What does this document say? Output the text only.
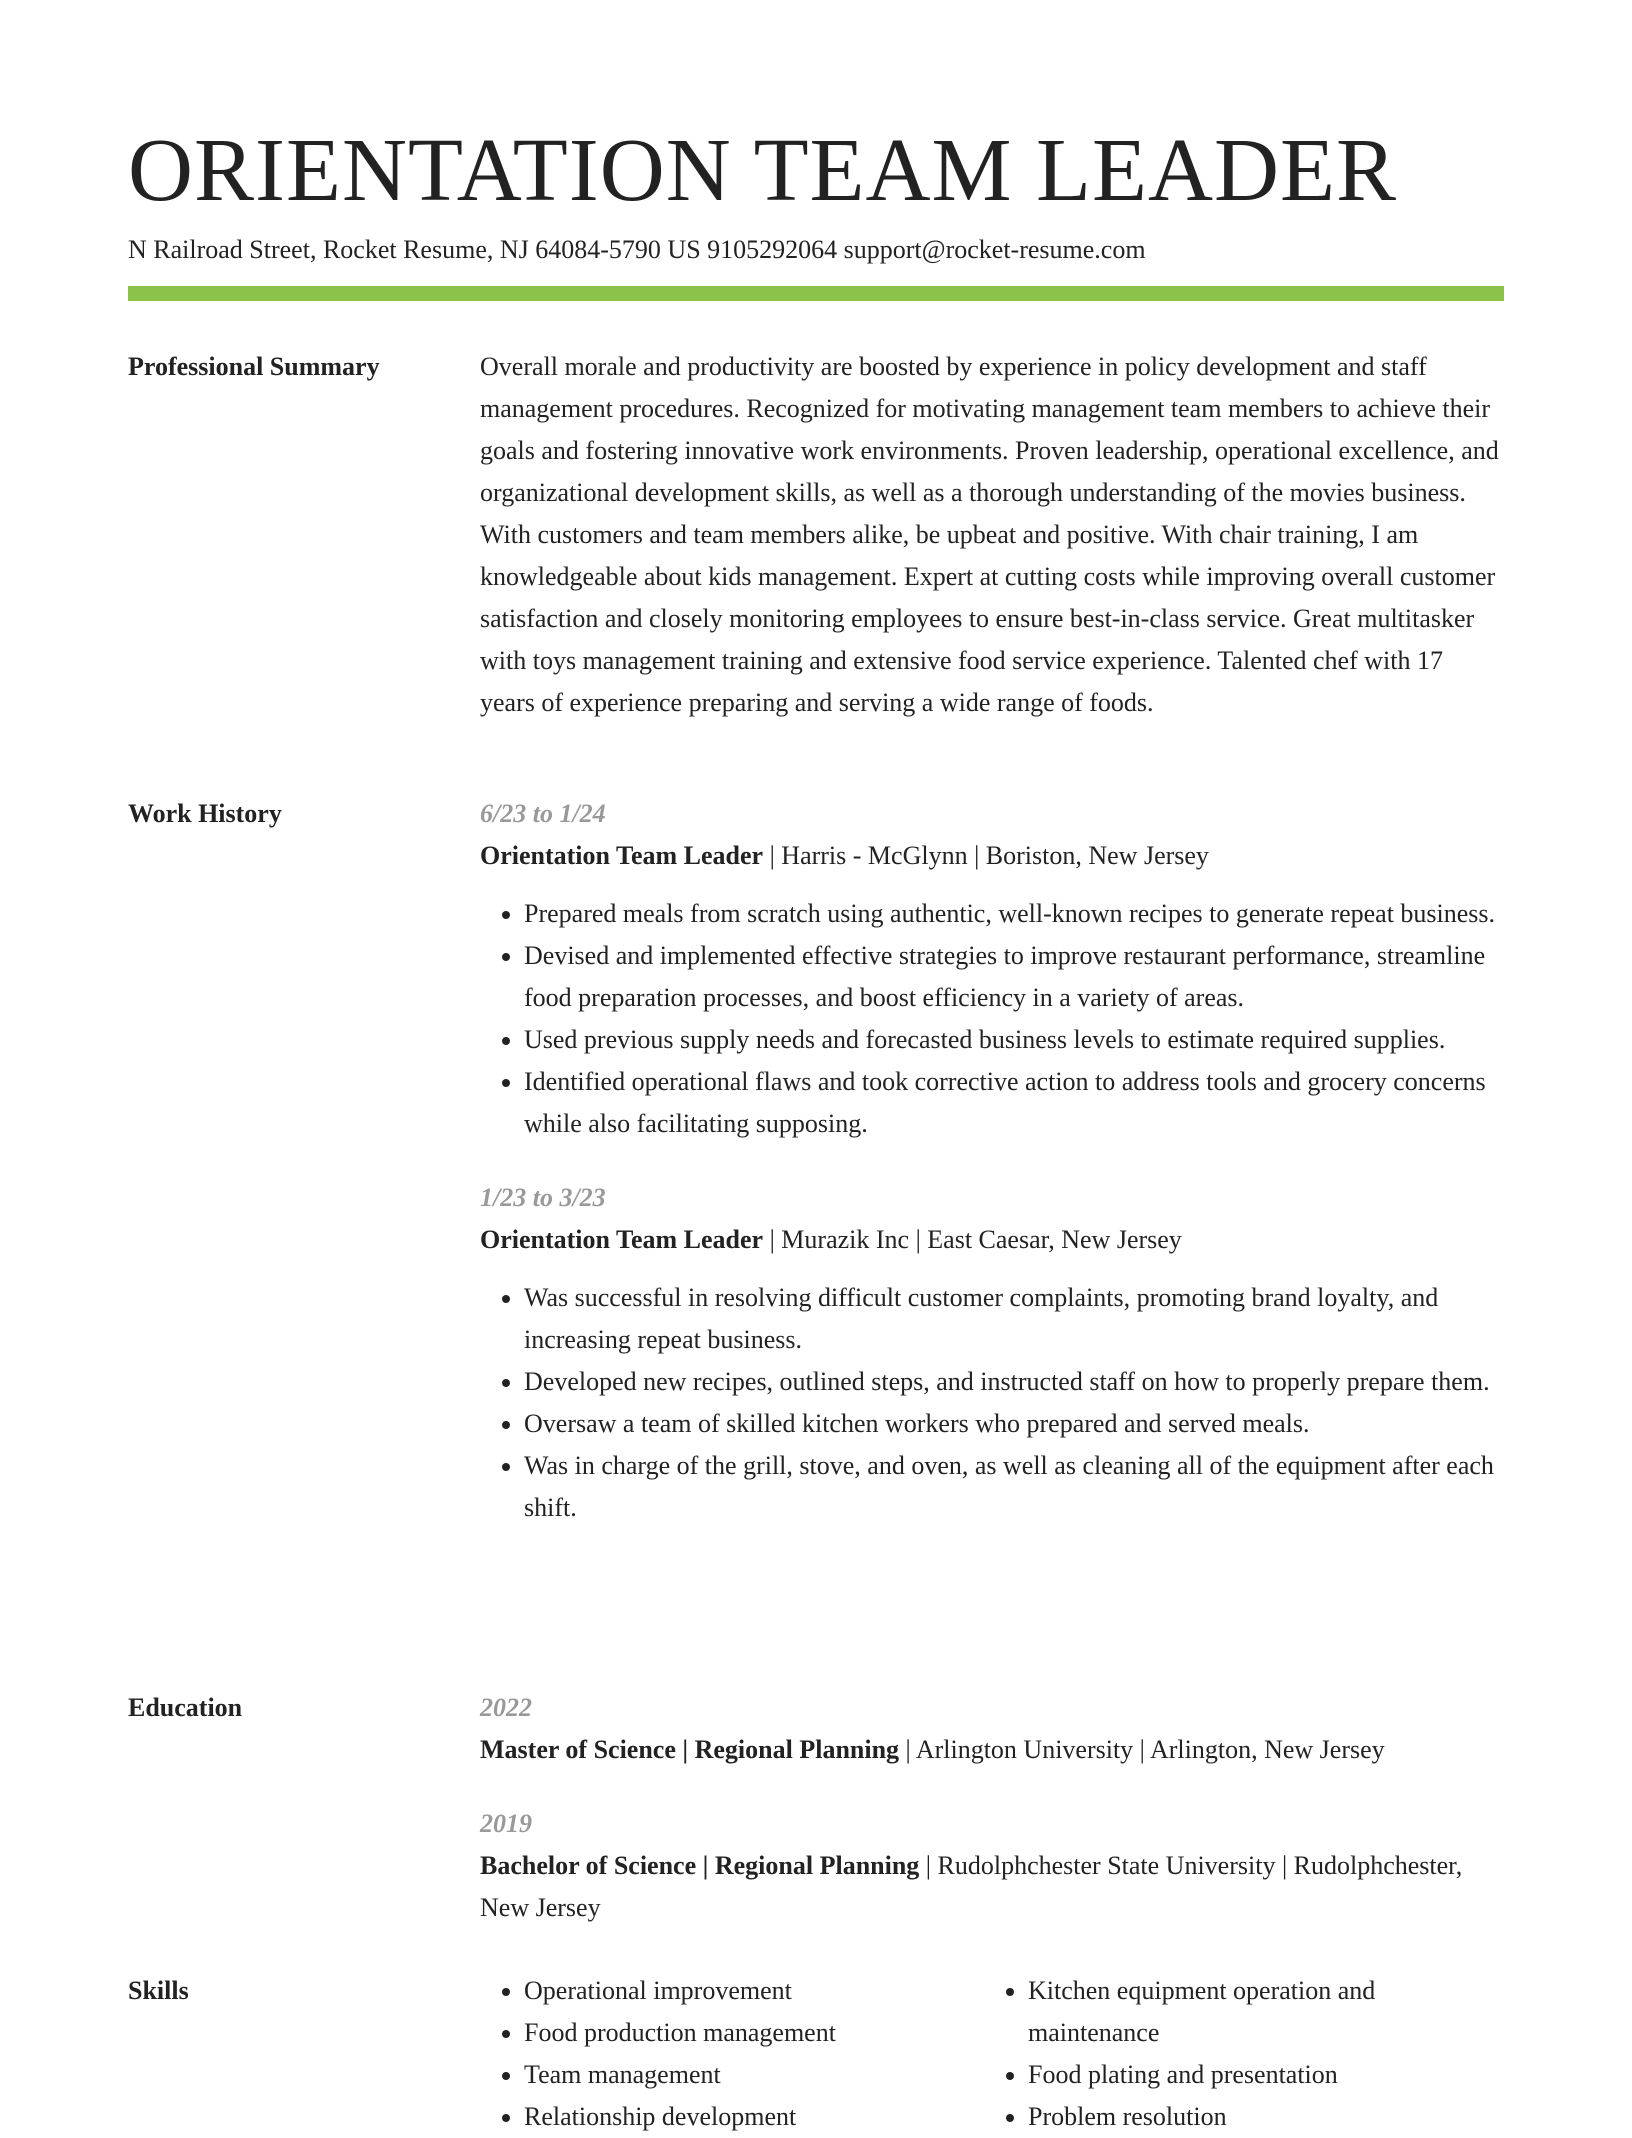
ORIENTATION TEAM LEADER
N Railroad Street, Rocket Resume, NJ 64084-5790 US 9105292064 support@rocket-resume.com
Professional Summary	Overall morale and productivity are boosted by experience in policy development and staff management procedures. Recognized for motivating management team members to achieve their goals and fostering innovative work environments. Proven leadership, operational excellence, and organizational development skills, as well as a thorough understanding of the movies business. With customers and team members alike, be upbeat and positive. With chair training, I am knowledgeable about kids management. Expert at cutting costs while improving overall customer satisfaction and closely monitoring employees to ensure best-in-class service. Great multitasker with toys management training and extensive food service experience. Talented chef with 17 years of experience preparing and serving a wide range of foods.

Work History	6/23 to 1/24

Orientation Team Leader | Harris - McGlynn | Boriston, New Jersey

• Prepared meals from scratch using authentic, well-known recipes to generate repeat business.
• Devised and implemented effective strategies to improve restaurant performance, streamline food preparation processes, and boost efficiency in a variety of areas.
• Used previous supply needs and forecasted business levels to estimate required supplies.
• Identified operational flaws and took corrective action to address tools and grocery concerns while also facilitating supposing.

1/23 to 3/23

Orientation Team Leader | Murazik Inc | East Caesar, New Jersey

• Was successful in resolving difficult customer complaints, promoting brand loyalty, and increasing repeat business.
• Developed new recipes, outlined steps, and instructed staff on how to properly prepare them.
• Oversaw a team of skilled kitchen workers who prepared and served meals.
• Was in charge of the grill, stove, and oven, as well as cleaning all of the equipment after each shift.
Education	2022

Master of Science | Regional Planning | Arlington University | Arlington, New Jersey

2019

Bachelor of Science | Regional Planning | Rudolphchester State University | Rudolphchester, New Jersey

Skills
•	Operational improvement
• Food production management
• Team management
• Relationship development
• Kitchen equipment operation and maintenance
• Food plating and presentation
• Problem resolution
